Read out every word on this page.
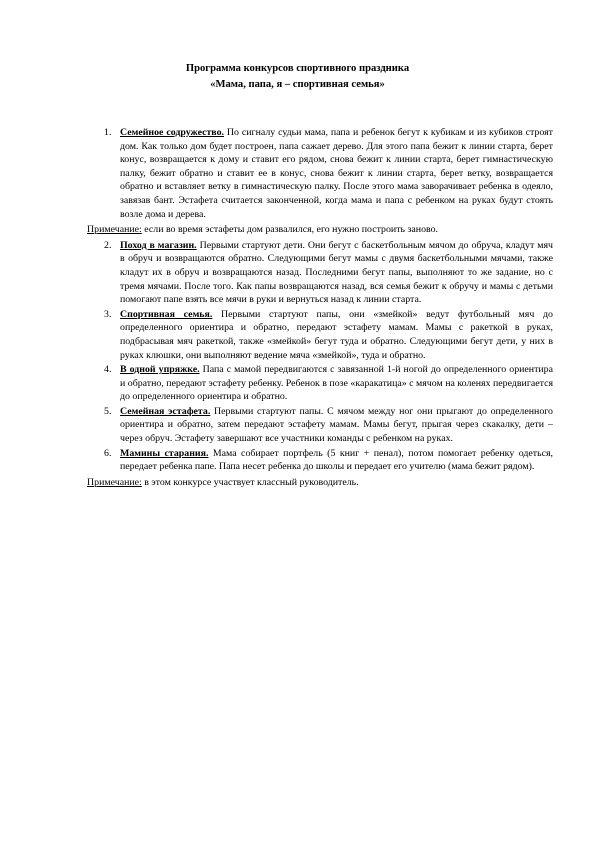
Программа конкурсов спортивного праздника
«Мама, папа, я – спортивная семья»
1. Семейное содружество. По сигналу судьи мама, папа и ребенок бегут к кубикам и из кубиков строят дом. Как только дом будет построен, папа сажает дерево. Для этого папа бежит к линии старта, берет конус, возвращается к дому и ставит его рядом, снова бежит к линии старта, берет гимнастическую палку, бежит обратно и ставит ее в конус, снова бежит к линии старта, берет ветку, возвращается обратно и вставляет ветку в гимнастическую палку. После этого мама заворачивает ребенка в одеяло, завязав бант. Эстафета считается законченной, когда мама и папа с ребенком на руках будут стоять возле дома и дерева.
Примечание: если во время эстафеты дом развалился, его нужно построить заново.
2. Поход в магазин. Первыми стартуют дети. Они бегут с баскетбольным мячом до обруча, кладут мяч в обруч и возвращаются обратно. Следующими бегут мамы с двумя баскетбольными мячами, также кладут их в обруч и возвращаются назад. Последними бегут папы, выполняют то же задание, но с тремя мячами. После того. Как папы возвращаются назад, вся семья бежит к обручу и мамы с детьми помогают папе взять все мячи в руки и вернуться назад к линии старта.
3. Спортивная семья. Первыми стартуют папы, они «змейкой» ведут футбольный мяч до определенного ориентира и обратно, передают эстафету мамам. Мамы с ракеткой в руках, подбрасывая мяч ракеткой, также «змейкой» бегут туда и обратно. Следующими бегут дети, у них в руках клюшки, они выполняют ведение мяча «змейкой», туда и обратно.
4. В одной упряжке. Папа с мамой передвигаются с завязанной 1-й ногой до определенного ориентира и обратно, передают эстафету ребенку. Ребенок в позе «каракатица» с мячом на коленях передвигается до определенного ориентира и обратно.
5. Семейная эстафета. Первыми стартуют папы. С мячом между ног они прыгают до определенного ориентира и обратно, затем передают эстафету мамам. Мамы бегут, прыгая через скакалку, дети – через обруч. Эстафету завершают все участники команды с ребенком на руках.
6. Мамины старания. Мама собирает портфель (5 книг + пенал), потом помогает ребенку одеться, передает ребенка папе. Папа несет ребенка до школы и передает его учителю (мама бежит рядом).
Примечание: в этом конкурсе участвует классный руководитель.
